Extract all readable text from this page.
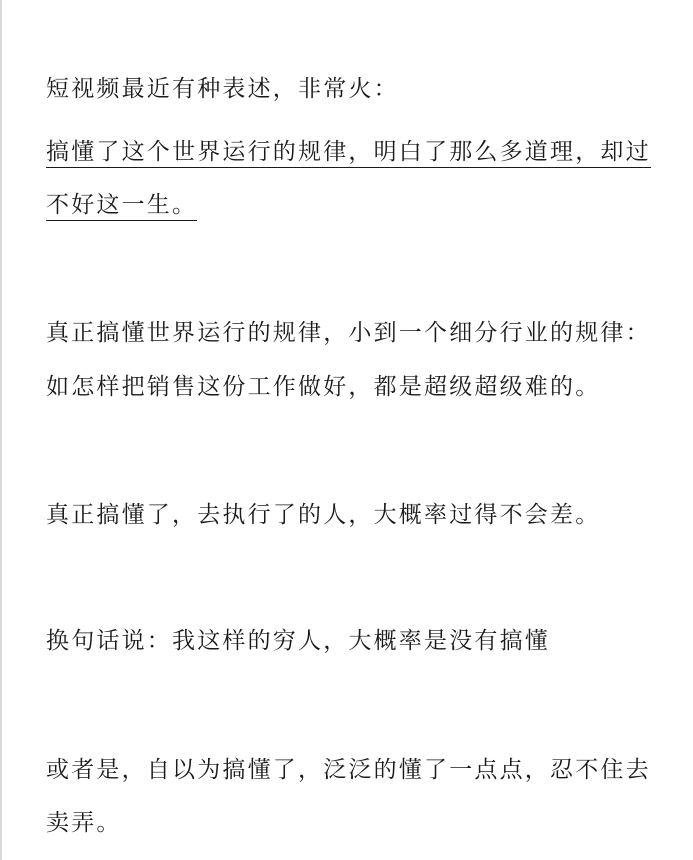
短视频最近有种表述，非常火：
搞懂了这个世界运行的规律，明白了那么多道理，却过
不好这一生。
真正搞懂世界运行的规律，小到一个细分行业的规律：
如怎样把销售这份工作做好，都是超级超级难的。
真正搞懂了，去执行了的人，大概率过得不会差。
换句话说：我这样的穷人，大概率是没有搞懂
或者是，自以为搞懂了，泛泛的懂了一点点，忍不住去
卖弄。
